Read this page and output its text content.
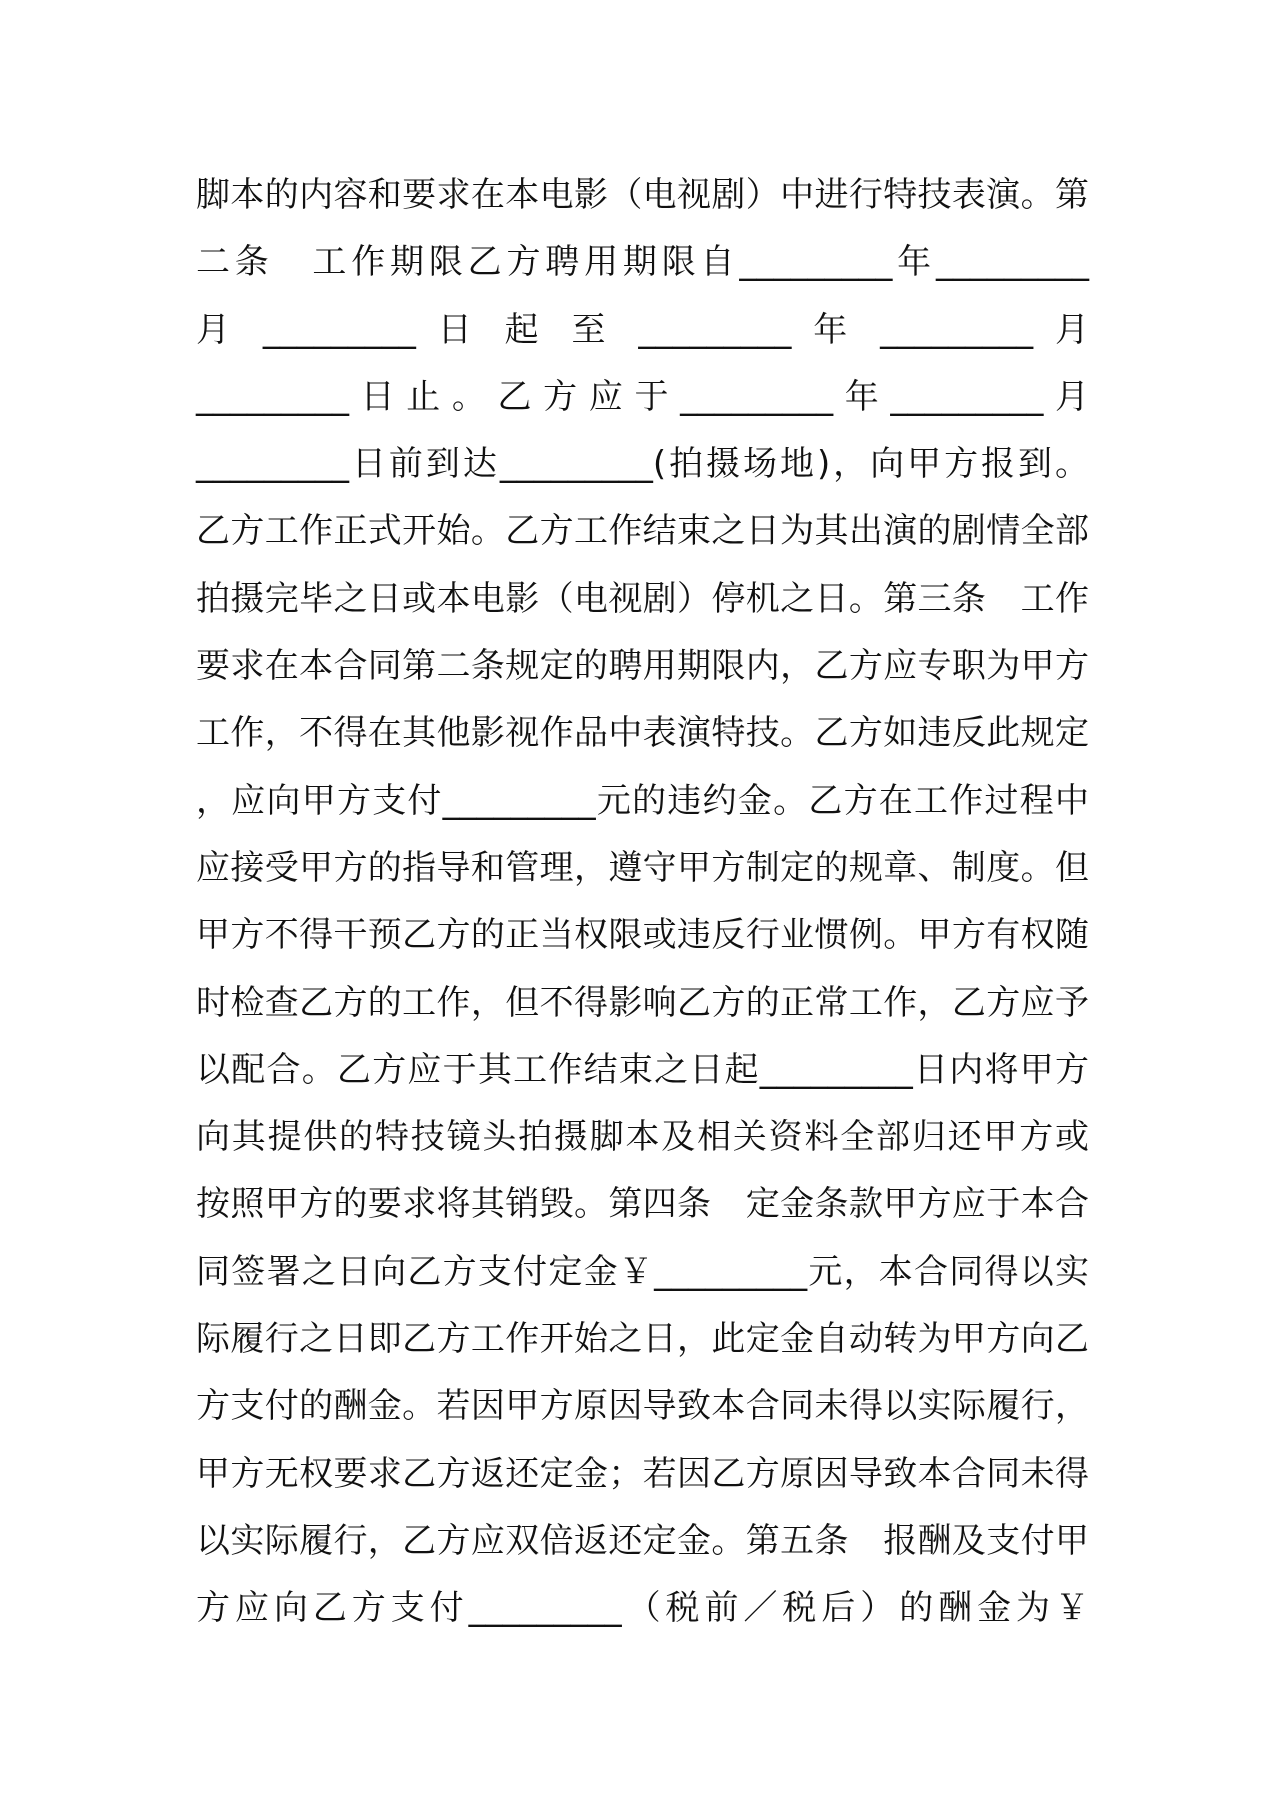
脚本的内容和要求在本电影（电视剧）中进行特技表演。第
二条　工作期限乙方聘用期限自_________年_________
月 _________ 日 起 至 _________ 年 _________ 月
_________日止。乙方应于_________年_________月
_________日前到达_________(拍摄场地)，向甲方报到。
乙方工作正式开始。乙方工作结束之日为其出演的剧情全部
拍摄完毕之日或本电影（电视剧）停机之日。第三条　工作
要求在本合同第二条规定的聘用期限内，乙方应专职为甲方
工作，不得在其他影视作品中表演特技。乙方如违反此规定
，应向甲方支付_________元的违约金。乙方在工作过程中
应接受甲方的指导和管理，遵守甲方制定的规章、制度。但
甲方不得干预乙方的正当权限或违反行业惯例。甲方有权随
时检查乙方的工作，但不得影响乙方的正常工作，乙方应予
以配合。乙方应于其工作结束之日起_________日内将甲方
向其提供的特技镜头拍摄脚本及相关资料全部归还甲方或
按照甲方的要求将其销毁。第四条　定金条款甲方应于本合
同签署之日向乙方支付定金￥_________元，本合同得以实
际履行之日即乙方工作开始之日，此定金自动转为甲方向乙
方支付的酬金。若因甲方原因导致本合同未得以实际履行，
甲方无权要求乙方返还定金；若因乙方原因导致本合同未得
以实际履行，乙方应双倍返还定金。第五条　报酬及支付甲
方应向乙方支付_________（税前／税后）的酬金为￥
